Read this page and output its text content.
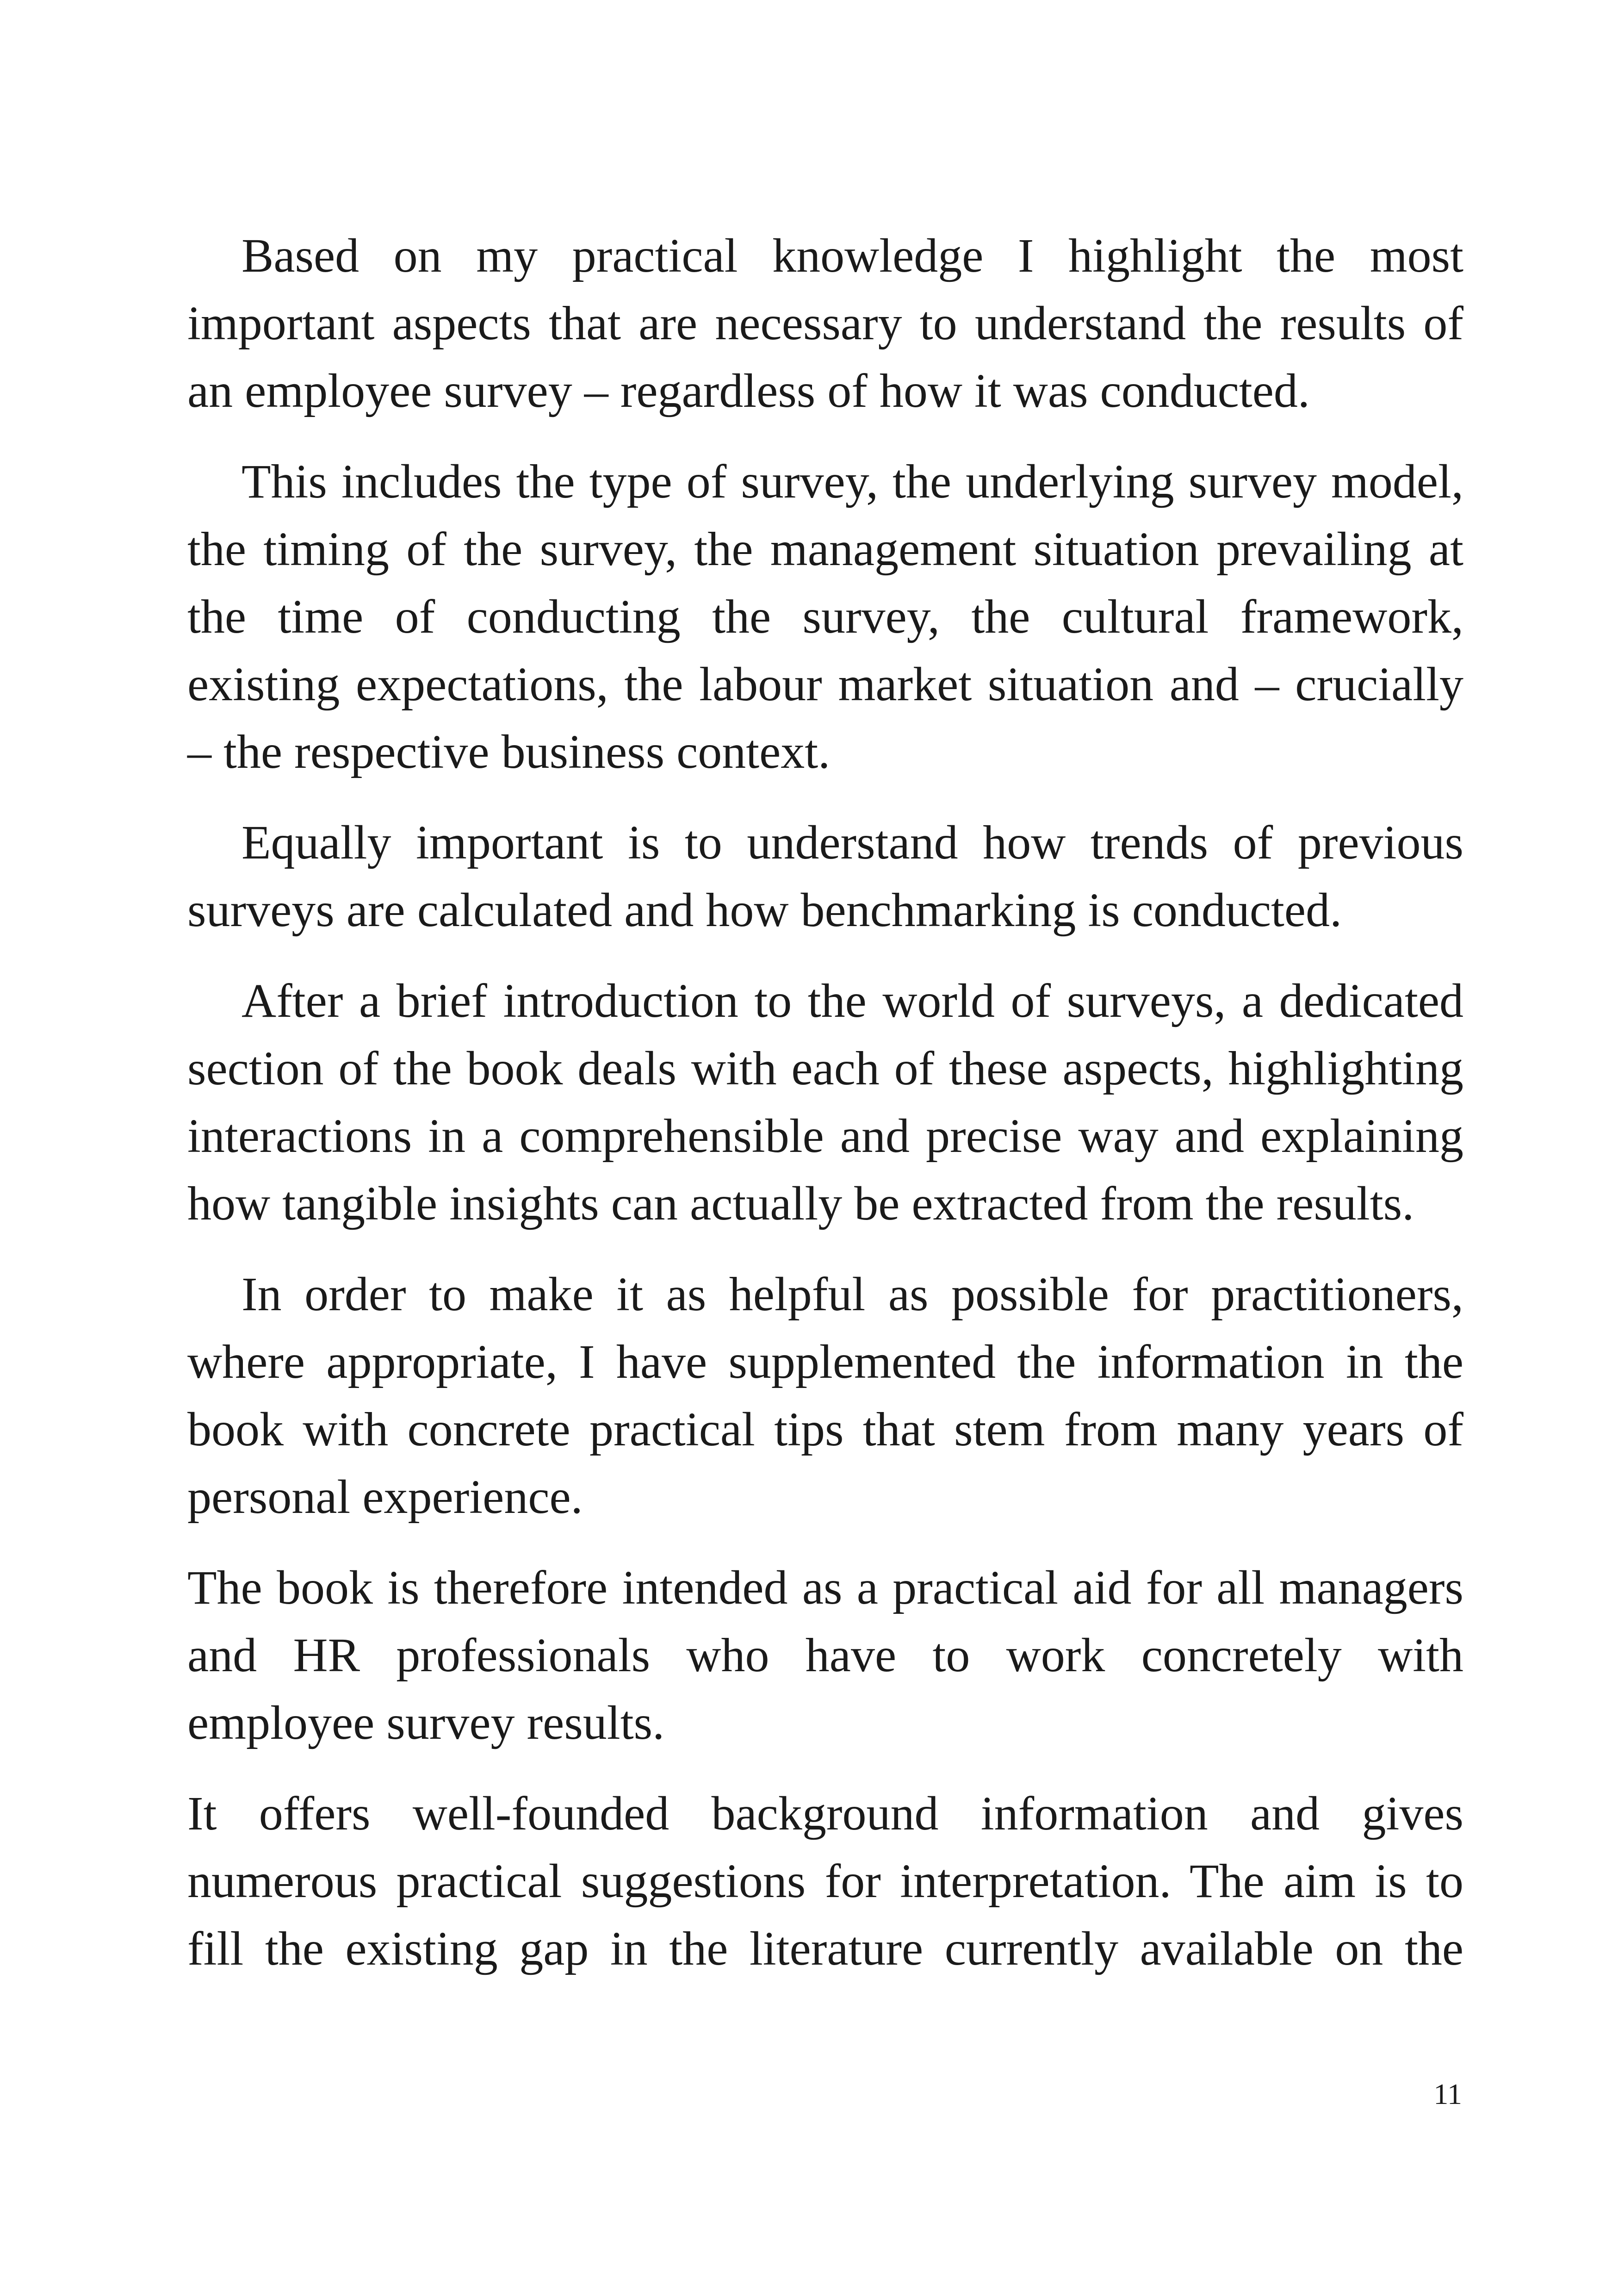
Based on my practical knowledge I highlight the most important aspects that are necessary to understand the results of an employee survey – regardless of how it was conducted.

This includes the type of survey, the underlying survey model, the timing of the survey, the management situation prevailing at the time of conducting the survey, the cultural framework, existing expectations, the labour market situation and – crucially – the respective business context.

Equally important is to understand how trends of previous surveys are calculated and how benchmarking is conducted.

After a brief introduction to the world of surveys, a dedicated section of the book deals with each of these aspects, highlighting interactions in a comprehensible and precise way and explaining how tangible insights can actually be extracted from the results.

In order to make it as helpful as possible for practitioners, where appropriate, I have supplemented the information in the book with concrete practical tips that stem from many years of personal experience.

The book is therefore intended as a practical aid for all managers and HR professionals who have to work concretely with employee survey results.

It offers well-founded background information and gives numerous practical suggestions for interpretation. The aim is to fill the existing gap in the literature currently available on the

11
